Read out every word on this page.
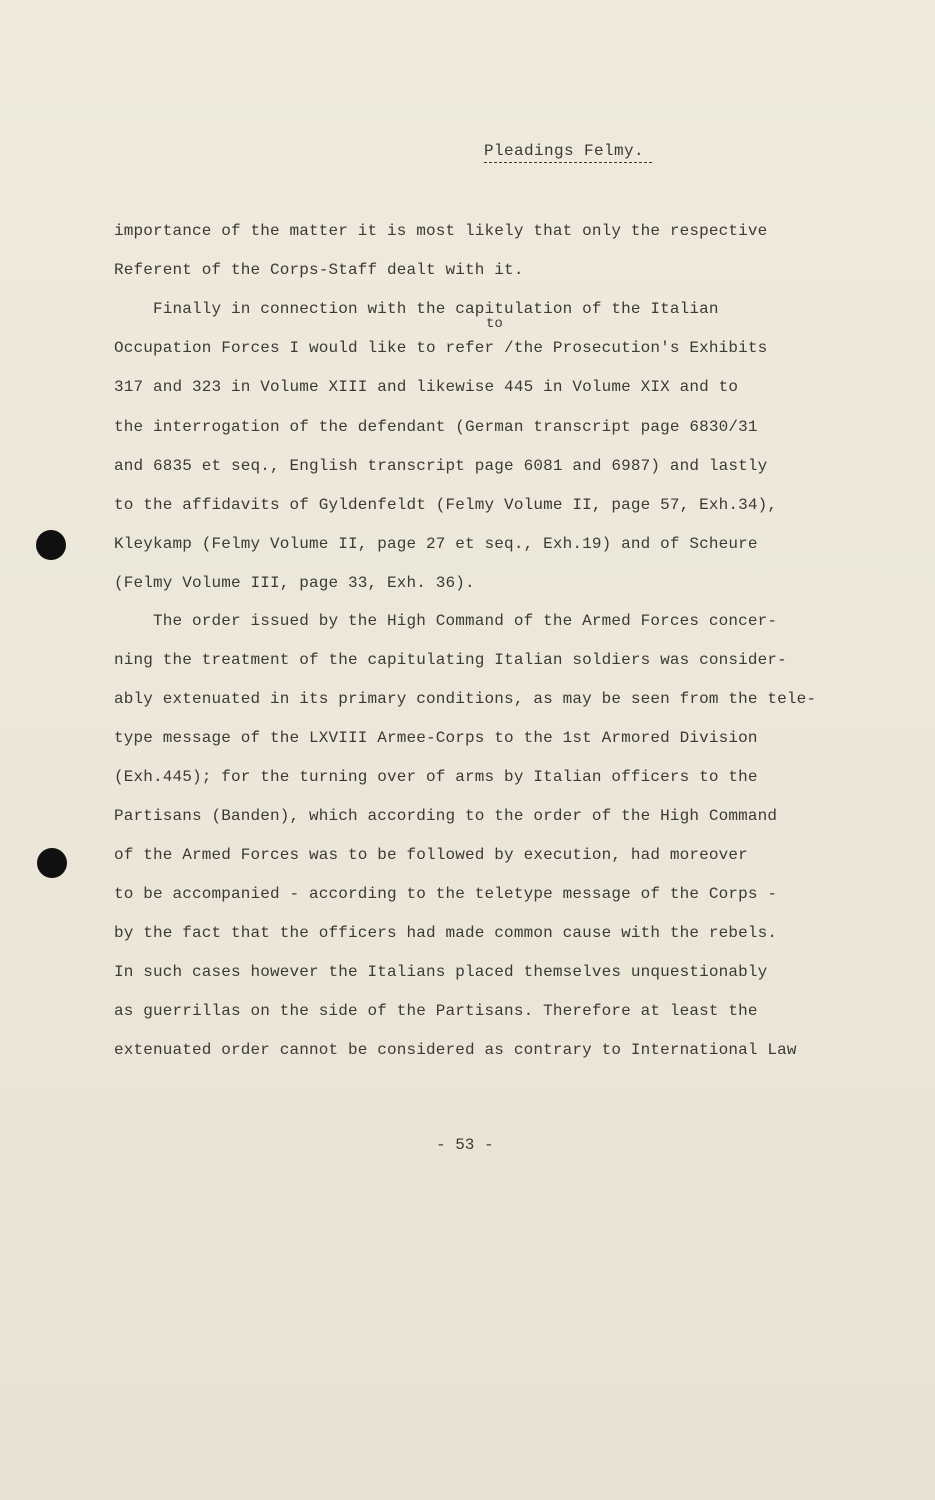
Pleadings Felmy.
to
importance of the matter it is most likely that only the respective
Referent of the Corps-Staff dealt with it.
Finally in connection with the capitulation of the Italian
Occupation Forces I would like to refer /the Prosecution's Exhibits
317 and 323 in Volume XIII and likewise 445 in Volume XIX and to
the interrogation of the defendant (German transcript page 6830/31
and 6835 et seq., English transcript page 6081 and 6987) and lastly
to the affidavits of Gyldenfeldt (Felmy Volume II, page 57, Exh.34),
Kleykamp (Felmy Volume II, page 27 et seq., Exh.19) and of Scheure
(Felmy Volume III, page 33, Exh. 36).
The order issued by the High Command of the Armed Forces concer-
ning the treatment of the capitulating Italian soldiers was consider-
ably extenuated in its primary conditions, as may be seen from the tele-
type message of the LXVIII Armee-Corps to the 1st Armored Division
(Exh.445); for the turning over of arms by Italian officers to the
Partisans (Banden), which according to the order of the High Command
of the Armed Forces was to be followed by execution, had moreover
to be accompanied - according to the teletype message of the Corps -
by the fact that the officers had made common cause with the rebels.
In such cases however the Italians placed themselves unquestionably
as guerrillas on the side of the Partisans. Therefore at least the
extenuated order cannot be considered as contrary to International Law
- 53 -
